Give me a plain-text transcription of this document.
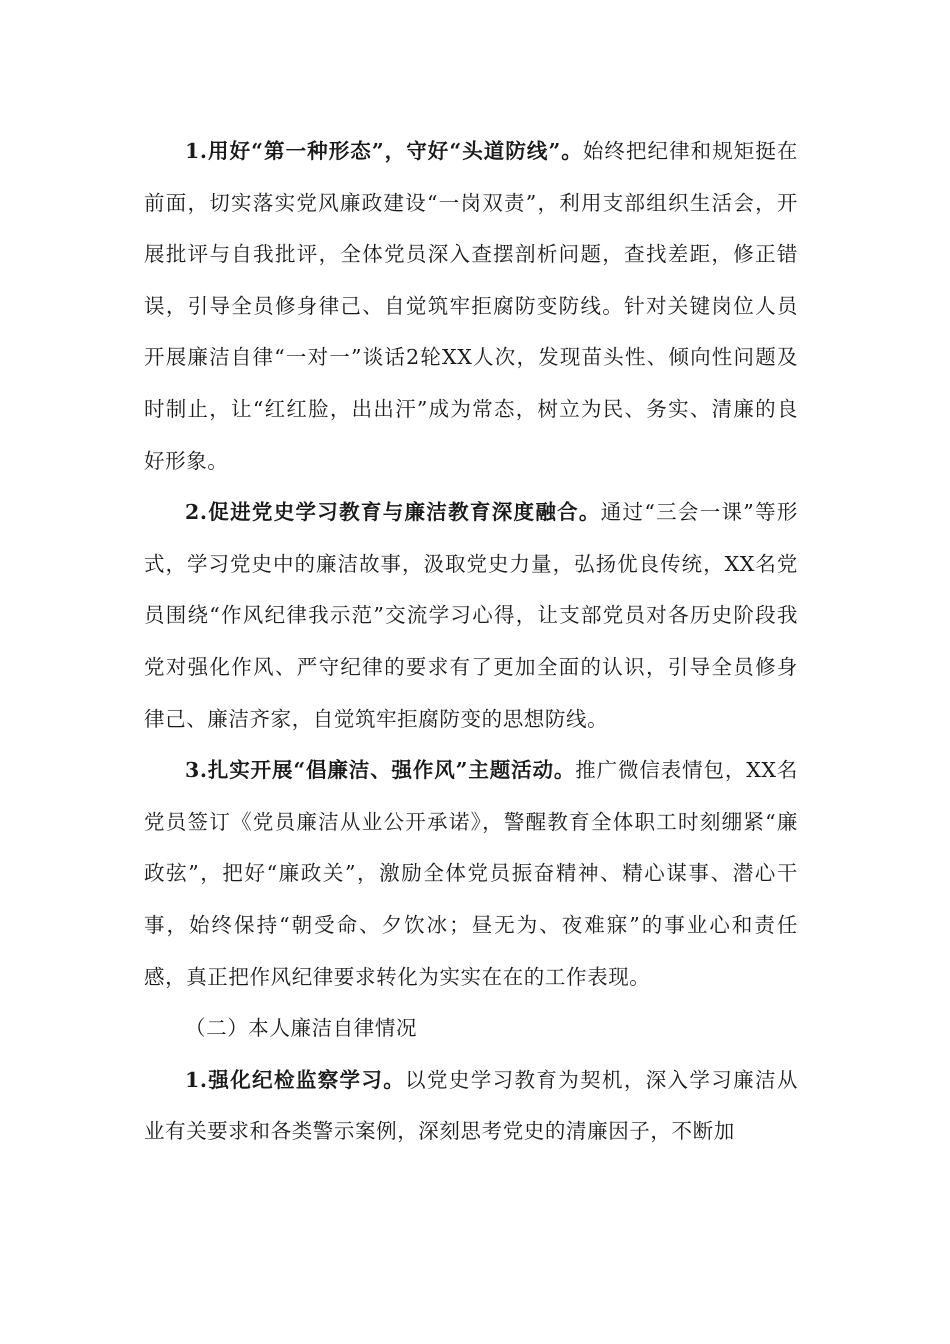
1.用好“第一种形态”，守好“头道防线”。始终把纪律和规矩挺在前面，切实落实党风廉政建设“一岗双责”，利用支部组织生活会，开展批评与自我批评，全体党员深入查摆剖析问题，查找差距，修正错误，引导全员修身律己、自觉筑牢拒腐防变防线。针对关键岗位人员开展廉洁自律“一对一”谈话2轮XX人次，发现苗头性、倾向性问题及时制止，让“红红脸，出出汗”成为常态，树立为民、务实、清廉的良好形象。

2.促进党史学习教育与廉洁教育深度融合。通过“三会一课”等形式，学习党史中的廉洁故事，汲取党史力量，弘扬优良传统，XX名党员围绕“作风纪律我示范”交流学习心得，让支部党员对各历史阶段我党对强化作风、严守纪律的要求有了更加全面的认识，引导全员修身律己、廉洁齐家，自觉筑牢拒腐防变的思想防线。

3.扎实开展“倡廉洁、强作风”主题活动。推广微信表情包，XX名党员签订《党员廉洁从业公开承诺》，警醒教育全体职工时刻绷紧“廉政弦”，把好“廉政关”，激励全体党员振奋精神、精心谋事、潜心干事，始终保持“朝受命、夕饮冰；昼无为、夜难寐”的事业心和责任感，真正把作风纪律要求转化为实实在在的工作表现。

（二）本人廉洁自律情况

1.强化纪检监察学习。以党史学习教育为契机，深入学习廉洁从业有关要求和各类警示案例，深刻思考党史的清廉因子，不断加
